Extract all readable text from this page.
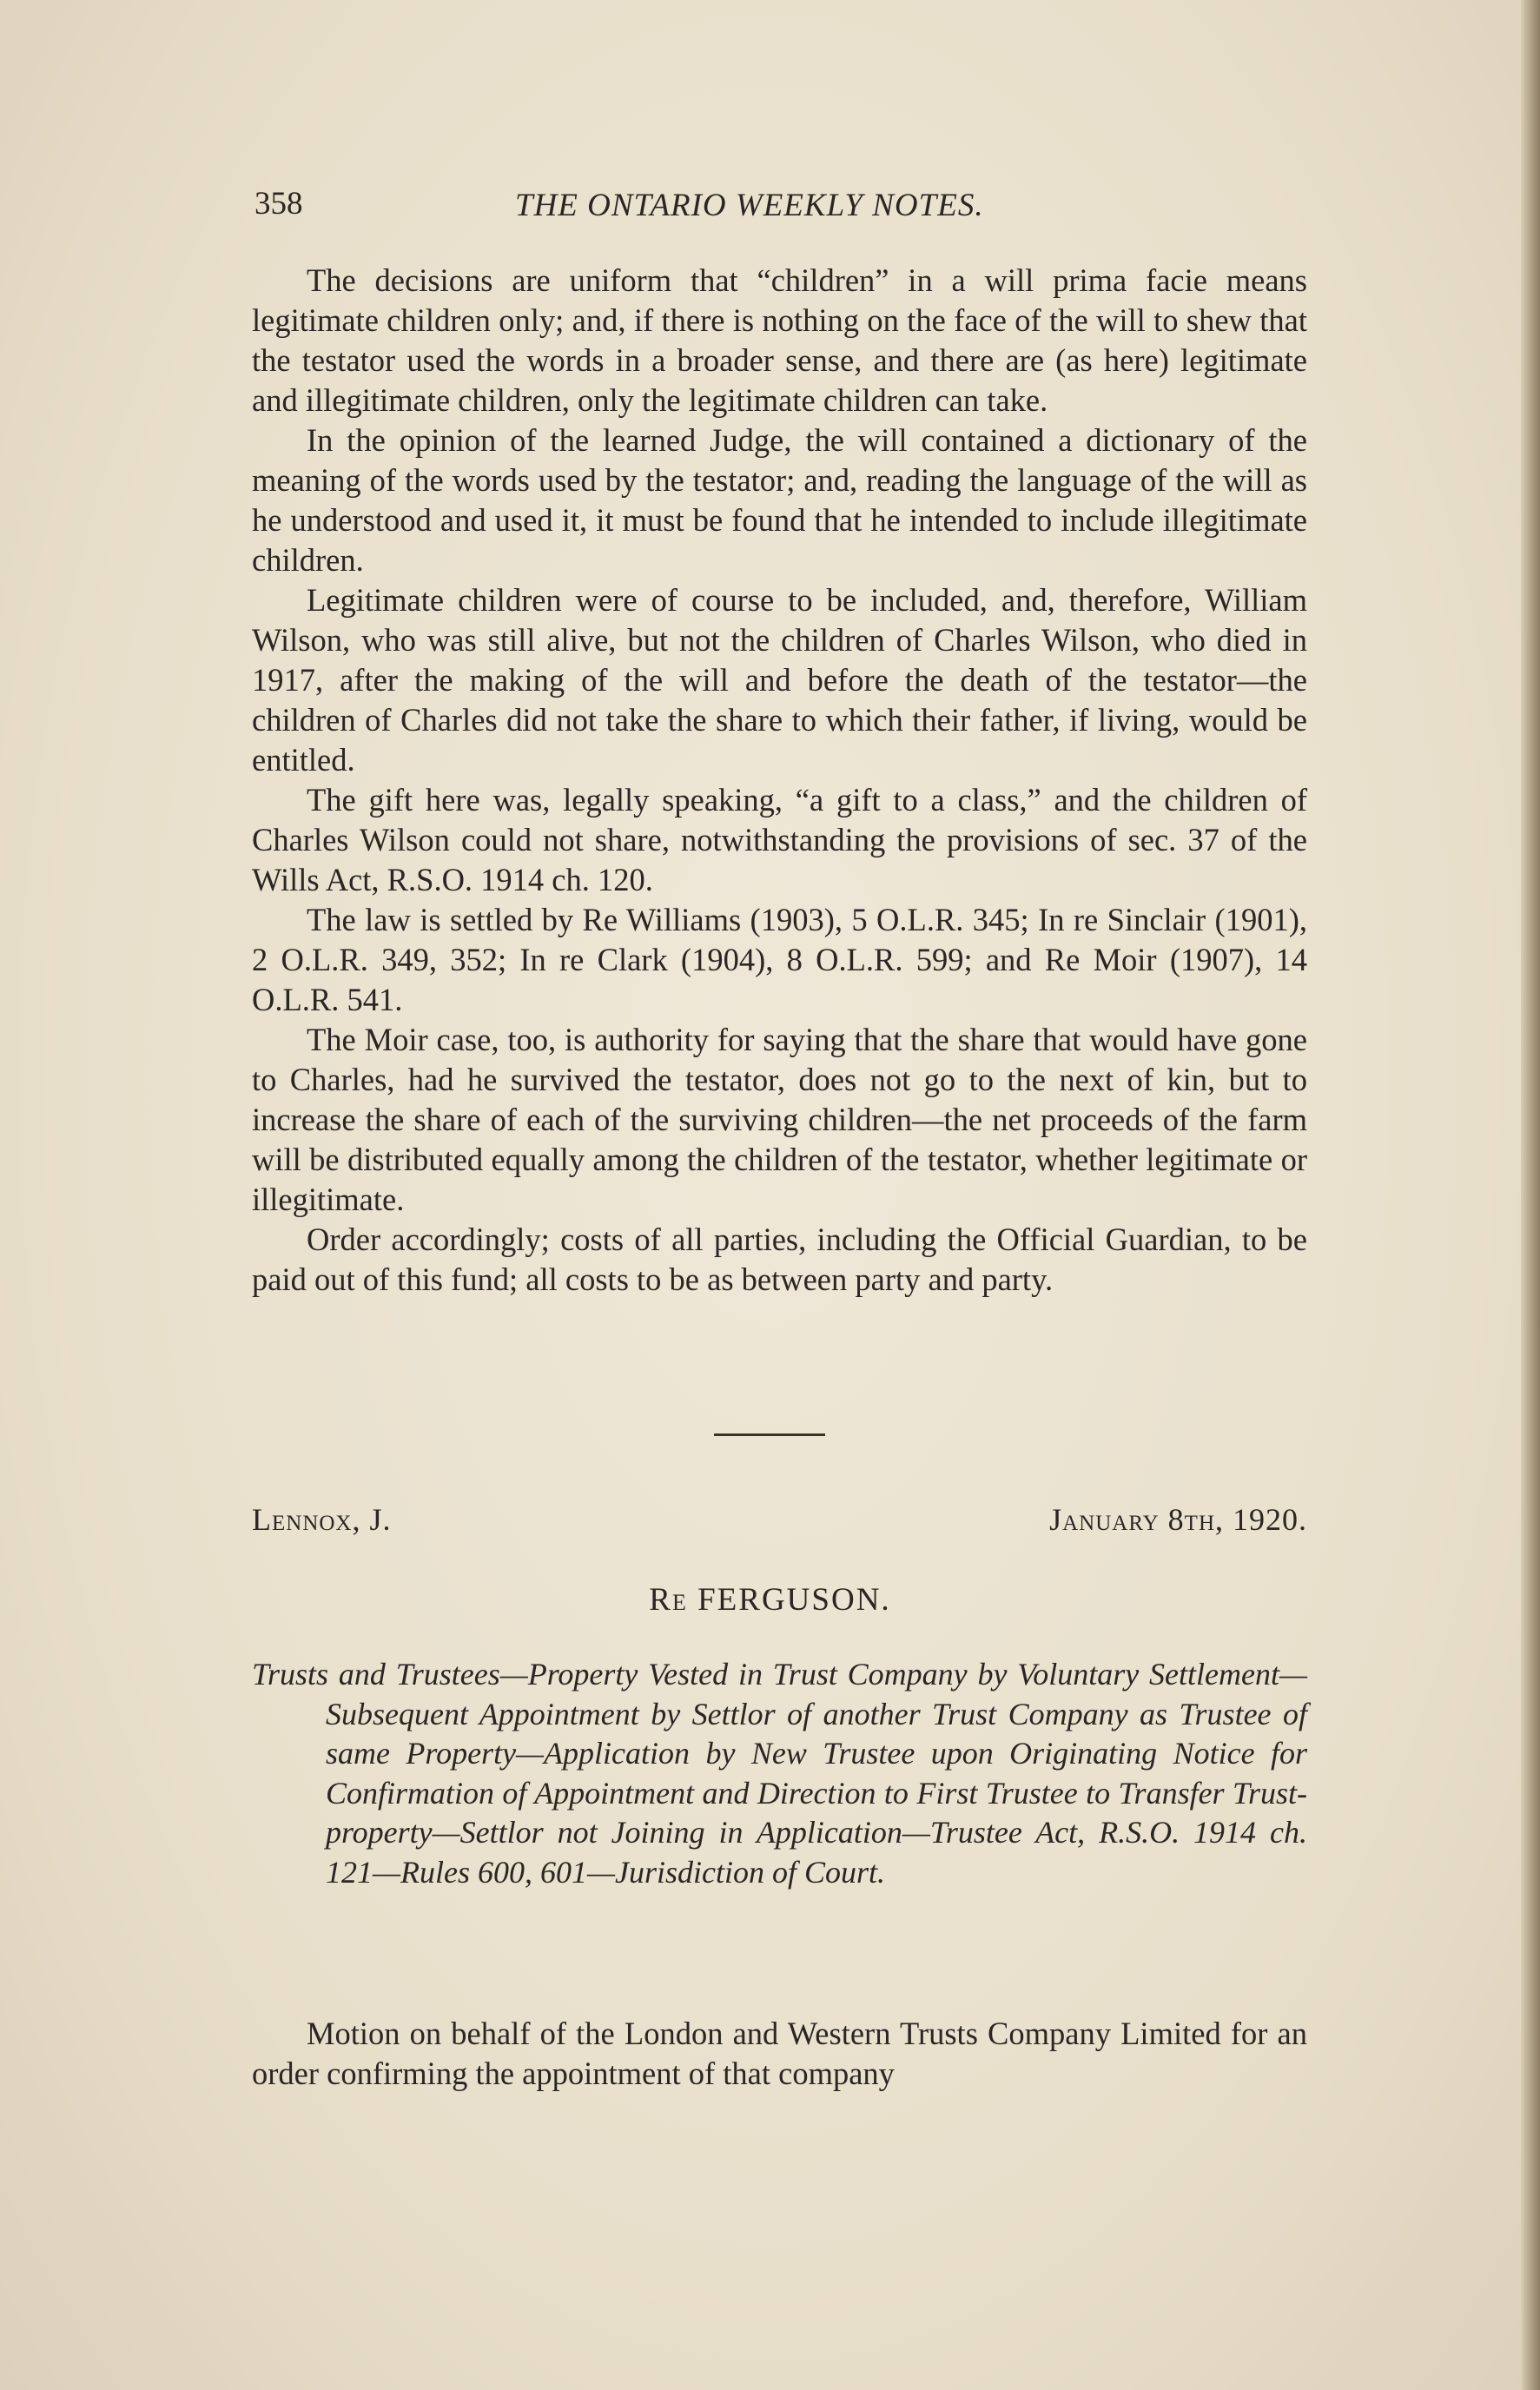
358	THE ONTARIO WEEKLY NOTES.

The decisions are uniform that “children” in a will prima facie means legitimate children only; and, if there is nothing on the face of the will to shew that the testator used the words in a broader sense, and there are (as here) legitimate and illegitimate children, only the legitimate children can take.

In the opinion of the learned Judge, the will contained a dictionary of the meaning of the words used by the testator; and, reading the language of the will as he understood and used it, it must be found that he intended to include illegitimate children.

Legitimate children were of course to be included, and, therefore, William Wilson, who was still alive, but not the children of Charles Wilson, who died in 1917, after the making of the will and before the death of the testator—the children of Charles did not take the share to which their father, if living, would be entitled.

The gift here was, legally speaking, “a gift to a class,” and the children of Charles Wilson could not share, notwithstanding the provisions of sec. 37 of the Wills Act, R.S.O. 1914 ch. 120.

The law is settled by Re Williams (1903), 5 O.L.R. 345; In re Sinclair (1901), 2 O.L.R. 349, 352; In re Clark (1904), 8 O.L.R. 599; and Re Moir (1907), 14 O.L.R. 541.

The Moir case, too, is authority for saying that the share that would have gone to Charles, had he survived the testator, does not go to the next of kin, but to increase the share of each of the surviving children—the net proceeds of the farm will be distributed equally among the children of the testator, whether legitimate or illegitimate.

Order accordingly; costs of all parties, including the Official Guardian, to be paid out of this fund; all costs to be as between party and party.

Lennox, J.	January 8th, 1920.
Re FERGUSON.
Trusts and Trustees—Property Vested in Trust Company by Voluntary Settlement—Subsequent Appointment by Settlor of another Trust Company as Trustee of same Property—Application by New Trustee upon Originating Notice for Confirmation of Appointment and Direction to First Trustee to Transfer Trust-property—Settlor not Joining in Application—Trustee Act, R.S.O. 1914 ch. 121—Rules 600, 601—Jurisdiction of Court.

Motion on behalf of the London and Western Trusts Company Limited for an order confirming the appointment of that company
